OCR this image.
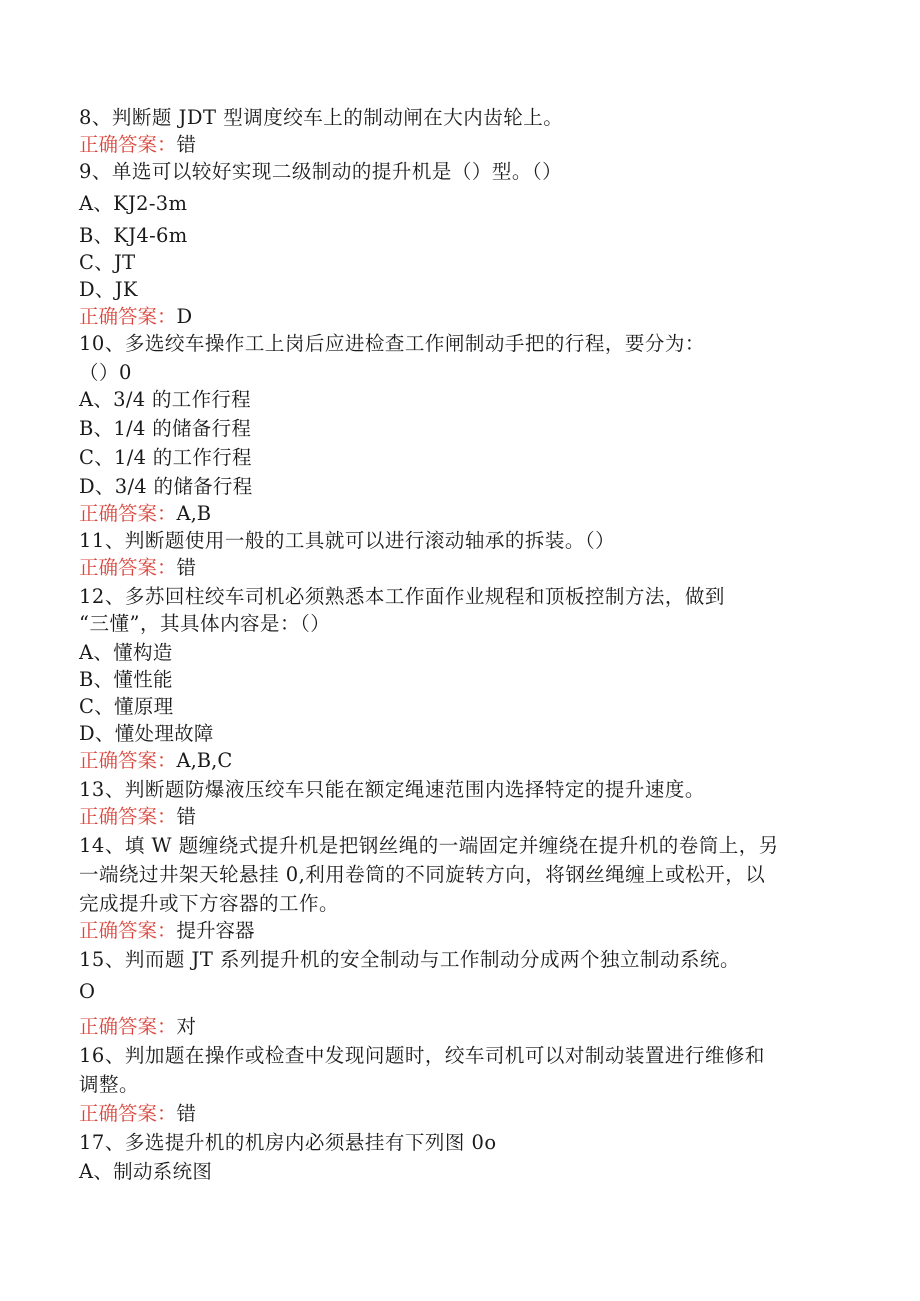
8、判断题 JDT 型调度绞车上的制动闸在大内齿轮上。

正确答案：错

9、单选可以较好实现二级制动的提升机是（）型。（）

A、KJ2-3m

B、KJ4-6m

C、JT

D、JK

正确答案：D

10、多选绞车操作工上岗后应进检查工作闸制动手把的行程，要分为：

（）0

A、3/4 的工作行程

B、1/4 的储备行程

C、1/4 的工作行程

D、3/4 的储备行程

正确答案：A,B

11、判断题使用一般的工具就可以进行滚动轴承的拆装。（）

正确答案：错

12、多苏回柱绞车司机必须熟悉本工作面作业规程和顶板控制方法，做到

“三懂”，其具体内容是：（）

A、懂构造

B、懂性能

C、懂原理

D、懂处理故障

正确答案：A,B,C

13、判断题防爆液压绞车只能在额定绳速范围内选择特定的提升速度。

正确答案：错

14、填 W 题缠绕式提升机是把钢丝绳的一端固定并缠绕在提升机的卷筒上，另

一端绕过井架天轮悬挂 0,利用卷筒的不同旋转方向，将钢丝绳缠上或松开，以

完成提升或下方容器的工作。

正确答案：提升容器

15、判而题 JT 系列提升机的安全制动与工作制动分成两个独立制动系统。

O

正确答案：对

16、判加题在操作或检查中发现问题时，绞车司机可以对制动装置进行维修和

调整。

正确答案：错

17、多选提升机的机房内必须悬挂有下列图 0o

A、制动系统图
